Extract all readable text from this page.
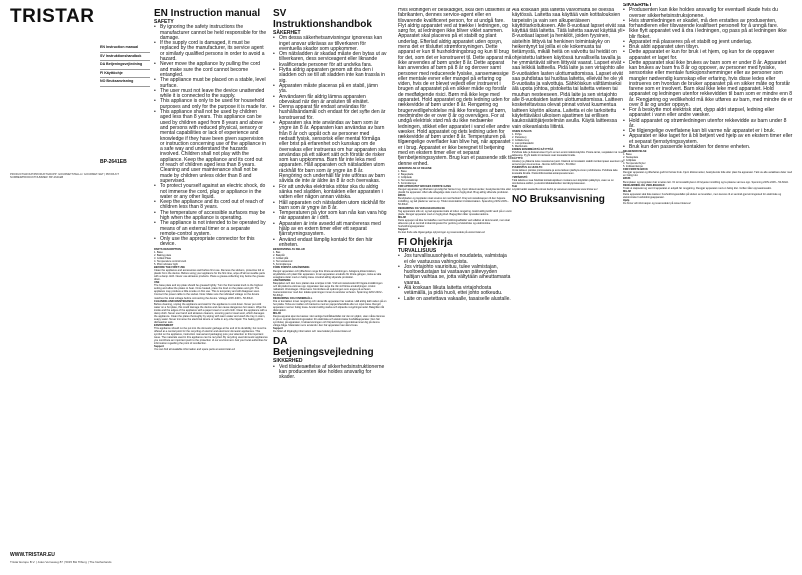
TRISTAR
EN Instruction manual
SV Instruktionshandbok
DA Betjeningsvejledning
FI Käyttöohje
NO Bruksanvisning
BP-2641EB
PRODUCTGROUP/PRODUKTGRUPP: GOURMETSTELLA / GOURMET-SET | PRODUCT NUMBER/PRODUKTNUMMER: BP-2641EB
WWW.TRISTAR.EU
Tristar Europe B.V. | Jules Verneweg 87 | 5015 BH Tilburg | The Netherlands
EN Instruction manual

SAFETY

• By ignoring the safety instructions the manufacturer cannot be held responsible for the damage.

• If the supply cord is damaged, it must be replaced by the manufacturer, its service agent or similarly qualified persons in order to avoid a hazard.

• Never move the appliance by pulling the cord and make sure the cord cannot become entangled.

• The appliance must be placed on a stable, level surface.

• The user must not leave the device unattended while it is connected to the supply.

• This appliance is only to be used for household purposes and only for the purpose it is made for.

• This appliance shall not be used by children aged less than 8 years. This appliance can be used by children aged from 8 years and above and persons with reduced physical, sensory or mental capabilities or lack of experience and knowledge if they have been given supervision or instruction concerning use of the appliance in a safe way and understand the hazards involved. Children shall not play with the appliance. Keep the appliance and its cord out of reach of children aged less than 8 years. Cleaning and user maintenance shall not be made by children unless older than 8 and supervised.

• To protect yourself against an electric shock, do not immerse the cord, plug or appliance in the water or any other liquid.

• Keep the appliance and its cord out of reach of children less than 8 years.

• The temperature of accessible surfaces may be high when the appliance is operating.

• The appliance is not intended to be operated by means of an external timer or a separate remote-control system.

• Only use the appropriate connector for this device.

PARTS DESCRIPTION

1. Base

2. Baking plate

3. Grilled Plate

4. Temperature control knob

5. Pilot indicator light

BEFORE THE FIRST USE

Clean the appliance and accessories well before first use. Remove the stickers, protective foil or plastic from the device. Before using your appliance for the first time, wipe off all removable parts with a damp cloth. Never use abrasive products. Place a grease-collecting tray below the grease drain.

USE

The base plate and top plate should be greased lightly. Turn the thermostat knob to the highest setting and allow the plates to heat. Once heated, place the food on the plates and grill. The appliance may produce a little smoke on first use. This is temporary and will disappear soon. Connect the power cable to the socket. Note: Make sure the indicated voltage on the device matches the local voltage before connecting the device. Voltage 220V-240V~ 50-60Hz.

CLEANING AND MAINTENANCE

Before cleaning, unplug the appliance and wait for the appliance to cool down. Never put cold water on a hot plate, this could damage the device and can cause dangerous hot steam. Wipe the inside and the edges of the appliance with a paper towel or a soft cloth. Clean the appliance with a damp cloth. Never use harsh and abrasive cleaners, scouring pad or steel wool, which damages the appliance. Clean the plates thoroughly by wiping with warm water and wash the tray in warm, soapy water. Never immerse the electrical device or cable in any other liquid. The baking grill is dishwasher safe.

ENVIRONMENT

This appliance should not be put into the domestic garbage at the end of its durability, but must be offered at a central point for the recycling of electric and electronic domestic appliances. This symbol on the appliance, instruction manual and packaging puts your attention to this important issue. The materials used in this appliance can be recycled. By recycling used domestic appliances you contribute an important push to the protection of our environment. Ask your local authorities for information regarding the point of recollection.

Support

You can find all available information and spare parts at www.tristar.eu!

SV Instruktionshandbok

SÄKERHET

• Om dessa säkerhetsanvisningar ignoreras kan inget ansvar utkrävas av tillverkaren för eventuella skador som uppkommer.

• Om nätsladden är skadad måste den bytas ut av tillverkaren, dess serviceagent eller liknande kvalificerade personer för att undvika fara.

• Flytta aldrig apparaten genom att dra den i sladden och se till att sladden inte kan trassla in sig.

• Apparaten måste placeras på en stabil, jämn yta.

• Användaren får aldrig lämna apparaten obevakad när den är ansluten till elnätet.

• Denna apparat får endast användas för hushållsändamål och endast för det syfte den är konstruerad för.

• Apparaten ska inte användas av barn som är yngre än 8 år. Apparaten kan användas av barn från 8 år och uppåt och av personer med nedsatt fysisk, sensorisk eller mental förmåga eller brist på erfarenhet och kunskap om de övervakas eller instrueras om hur apparaten ska användas på ett säkert sätt och förstår de risker som kan uppkomma. Barn får inte leka med apparaten. Håll apparaten och nätsladden utom räckhåll för barn som är yngre än 8 år. Rengöring och underhåll får inte utföras av barn såvida de inte är äldre än 8 år och övervakas.

• För att undvika elektriska stötar ska du aldrig sänka ned sladden, kontakten eller apparaten i vatten eller någon annan vätska.

• Håll apparaten och nätsladden utom räckhåll för barn som är yngre än 8 år.

• Temperaturen på ytor som kan nås kan vara hög när apparaten är i drift.

• Apparaten är inte avsedd att manövreras med hjälp av en extern timer eller ett separat fjärrstyrningssystem.

• Använd endast lämplig kontakt för den här enheten.

BESKRIVNING AV DELAR

1. Bas

2. Bakplåt

3. Grillad plåt

4. Termostatvred

5. Kontrollampa

FÖRE FÖRSTA ANVÄNDNING

Rengör apparaten och tillbehören noga före första användningen. Avlägsna klistermärken, skyddsfolie och plast från apparaten. Innan apparaten används för första gången, torka av alla avtagbara delar med en fuktig trasa. Använd aldrig slipande produkter.

ANVÄNDNING

Basplattan och den övre plattan ska smörjas in lätt. Vrid termostatvredet till högsta inställningen och låt plattorna värmas upp. Apparaten kan avge lite rök vid första användningen. Anslut nätkabeln till eluttaget. Observera: Kontrollera att spänningen som anges på enheten överensstämmer med den lokala spänningen innan du ansluter enheten. Spänning 220V-240V~ 50-60Hz.

RENGÖRING OCH UNDERHÅLL

Dra ur kontakten innan rengöring och vänta tills apparaten har svalnat. Häll aldrig kallt vatten på en het platta. Torka av insidan och kanterna med en pappershandduk eller en mjuk trasa. Rengör apparaten med en fuktig trasa. Använd aldrig starka och slipande rengöringsmedel. Bakgrillen tål diskmaskin.

MILJÖ

Denna apparat ska inte kastas i det vanliga hushållsavfallet när den är uttjänt, utan måste lämnas in på en central återvinningsstation för elektriska och elektroniska hushållsapparater. Den här symbolen på apparaten, bruksanvisningen och förpackningen uppmärksammar dig på denna viktiga fråga. Materialen som används i den här apparaten kan återvinnas.

Support

Du hittar all tillgänglig information och reservdelar på www.tristar.eu!

DA Betjeningsvejledning

SIKKERHED

• Ved tilsidesættelse af sikkerhedsinstruktionerne kan producenten ikke holdes ansvarlig for skader.

Hvis ledningen er beskadiget, skal den udskiftes af fabrikanten, dennes service-agent eller en tilsvarende kvalificeret person, for at undgå fare. Flyt aldrig apparatet ved at trække i ledningen, og sørg for, at ledningen ikke bliver viklet sammen. Apparatet skal placeres på et stabilt og plant underlag. Efterlad aldrig apparatet uden opsyn, mens det er tilsluttet strømforsyningen. Dette apparat er kun til husholdningsbrug og kun til brug for det, som det er konstrueret til. Dette apparat må ikke anvendes af børn under 8 år. Dette apparat kan anvendes af børn på 8 år og derover samt personer med reducerede fysiske, sansemæssige eller mentale evner eller mangel på erfaring og viden, hvis de er blevet vejledt eller instrueret i brugen af apparatet på en sikker måde og forstår de medfølgende risici. Børn må ikke lege med apparatet. Hold apparatet og dets ledning uden for rækkevidde af børn under 8 år. Rengøring og brugervedligeholdelse må ikke foretages af børn, medmindre de er over 8 år og overvåges. For at undgå elektrisk stød må du ikke nedsænke ledningen, stikket eller apparatet i vand eller andre væsker. Hold apparatet og dets ledning uden for rækkevidde af børn under 8 år. Temperaturen på tilgængelige overflader kan blive høj, når apparatet er i brug. Apparatet er ikke beregnet til betjening med en ekstern timer eller et separat fjernbetjeningssystem. Brug kun et passende stik til denne enhed.

BESKRIVELSE AF DELENE

1. Base

2. Bageplade

3. Grillplade

4. Termostatknap

5. Kontrollampe

FØR APPARATET BRUGES FØRSTE GANG

Rengør apparatet og tilbehøret grundigt før første brug. Fjern klistermærker, beskyttende folie eller plastik fra apparatet. Aftør alle aftagelige dele med en fugtig klud. Brug aldrig slibende produkter.

BRUG

Bundpladen og toppladen skal smøres let med fedtstof. Drej termostatknappen til den højeste indstilling, og lad pladerne varme op. Tilslut strømkablet til stikkontakten. Spænding 220V-240V~ 50-60Hz.

RENGØRING OG VEDLIGEHOLDELSE

Tag apparatets stik ud, og lad apparatet køle af inden rengøring. Hæld aldrig koldt vand på en varm plade. Rengør apparatet med en fugtig klud. Bagegrillen tåler opvaskemaskine.

MILJØ

Dette apparat må ikke bortskaffes med husholdningsaffaldet ved udløbet af dets levetid, men skal afleveres på et centralt indsamlingssted for genbrug af elektriske og elektroniske husholdningsapparater.

Support

Du kan finde alle tilgængelige oplysninger og reservedele på www.tristar.eu!

FI Ohjekirja

TURVALLISUUS

• Jos turvallisuusohjeita ei noudateta, valmistaja ei ole vastuussa vahingoista.

• Jos virtajohto vaurioituu, tulee valmistajan, huoltoedustajan tai vastaavan pätevyyden haltijan vaihtaa se, jotta vältytään aiheuttamasta vaaraa.

• Älä koskaan liikuta laitetta virtajohdosta vetämällä, ja pidä huoli, ettei johto sotkeudu.

• Laite on asetettava vakaalle, tasaiselle alustalle.

Älä koskaan jätä laitetta valvomatta se ollessa käytössä. Laitetta saa käyttää vain kotitalouksien tarpeisiin ja vain sen alkuperäiseen käyttötarkoitukseen. Alle 8-vuotiaat lapset eivät saa käyttää tätä laitetta. Tätä laitetta saavat käyttää yli 8-vuotiaat lapset ja henkilöt, joiden fyysinen, aisteihin liittyvä tai henkinen toimintakyky on heikentynyt tai joilla ei ole kokemusta tai tietämystä, mikäli heitä on valvottu tai heidät on ohjeistettu laitteen käytössä turvallisella tavalla ja he ymmärtävät siihen liittyvät vaarat. Lapset eivät saa leikkiä laitteella. Pidä laite ja sen virtajohto alle 8-vuotiaiden lasten ulottumattomissa. Lapset eivät saa puhdistaa tai huoltaa laitetta, elleivät he ole yli 8-vuotiaita ja valvottuja. Sähköiskun välttämiseksi älä upota johtoa, pistoketta tai laitetta veteen tai muuhun nesteeseen. Pidä laite ja sen virtajohto alle 8-vuotiaiden lasten ulottumattomissa. Laitteen kosketeltavissa olevat pinnat voivat kuumentua laitteen käytön aikana. Laitetta ei ole tarkoitettu käytettäväksi ulkoisen ajastimen tai erillisen kaukosäätöjärjestelmän avulla. Käytä laitteessa vain oikeanlaista liitintä.

OSIEN KUVAUS

1. Pohja

2. Paistolevy

3. Grillattu levy

4. Lämpötilasäädin

5. Merkkivalo

ENNEN ENSIMMÄISTÄ KÄYTTÖÄ

Puhdista laite ja lisävarusteet hyvin ennen ensimmäistä käyttöä. Poista tarrat, suojakalvo tai muovi laitteesta. Pyyhi kaikki irrotettavat osat kostealla liinalla.

KÄYTTÖ

Aluslevy ja yläkerta tulee rasvata kevyesti. Käännä termostaatin säädin korkeimpaan asentoon ja anna levyjen kuumentua. Jännite 220V-240V~ 50-60Hz.

PUHDISTUS JA HUOLTO

Irrota laitteen pistoke pistorasiasta ja anna laitteen jäähtyä ennen puhdistusta. Puhdista laite kostealla liinalla. Paistoritilä kestää astianpesukoneen.

YMPÄRISTÖ

Tätä laitetta ei saa hävittää kotitalousjätteen mukana sen käyttöiän päätyttyä, vaan se on toimitettava sähkö- ja elektroniikkalaitteiden kierrätyspisteeseen.

Tuki

Löydät kaikki saatavilla olevat tiedot ja varaosat osoitteesta www.tristar.eu!

NO Bruksanvisning

SIKKERHET

• Produsenten kan ikke holdes ansvarlig for eventuell skade hvis du overser sikkerhetsinstruksjonene.

• Hvis strømledningen er skadet, må den erstattes av produsenten, forhandleren eller tilsvarende kvalifisert personell for å unngå fare.

• Ikke flytt apparatet ved å dra i ledningen, og pass på at ledningen ikke blir floket.

• Apparatet må plasseres på et stabilt og jevnt underlag.

• Bruk aldri apparatet uten tilsyn.

• Dette apparatet er kun for bruk i et hjem, og kun for de oppgaver apparatet er laget for.

• Dette apparatet skal ikke brukes av barn som er under 8 år. Apparatet kan brukes av barn fra 8 år og oppover, av personer med fysiske, sensoriske eller mentale funksjonshemminger eller av personer som mangler nødvendig kunnskap eller erfaring, hvis disse ledes eller instrueres om hvordan de bruker apparatet på en sikker måte og forstår farene som er involvert. Barn skal ikke leke med apparatet. Hold apparatet og ledningen utenfor rekkevidden til barn som er mindre enn 8 år. Rengjøring og vedlikehold må ikke utføres av barn, med mindre de er over 8 år og under oppsyn.

• For å beskytte mot elektrisk støt, dypp aldri støpsel, ledning eller apparatet i vann eller andre væsker.

• Hold apparatet og strømledningen utenfor rekkevidde av barn under 8 år.

• De tilgjengelige overflatene kan bli varme når apparatet er i bruk.

• Apparatet er ikke laget for å bli betjent ved hjelp av en ekstern timer eller et separat fjernstyringssystem.

• Bruk kun den passende kontakten for denne enheten.

DELBESKRIVELSE

1. Base

2. Stekeplate

3. Grillplate

4. Temperaturbryter

5. Indikatorlampe

FØR FØRSTE BRUK

Rengjør apparatet og tilbehøret godt før første bruk. Fjern klistremerker, beskyttende folie eller plast fra apparatet. Tørk av alle avtakbare deler med en fuktig klut.

BRUK

Bunnplaten og toppplaten bør smøres lett. Vri termostatbryteren til høyeste innstilling og la platene varmes opp. Spenning 220V-240V~ 50-60Hz.

RENGJØRING OG VEDLIKEHOLD

Trekk ut støpselet og vent til apparatet er avkjølt før rengjøring. Rengjør apparatet med en fuktig klut. Grillen tåler oppvaskmaskin.

MILJØ

Dette apparatet skal ikke kastes i husholdningsavfallet på slutten av levetiden, men leveres til et sentralt gjenvinningssted for elektriske og elektroniske husholdningsapparater.

Hjelp

Du finner all informasjon og reservedeler på www.tristar.eu!
